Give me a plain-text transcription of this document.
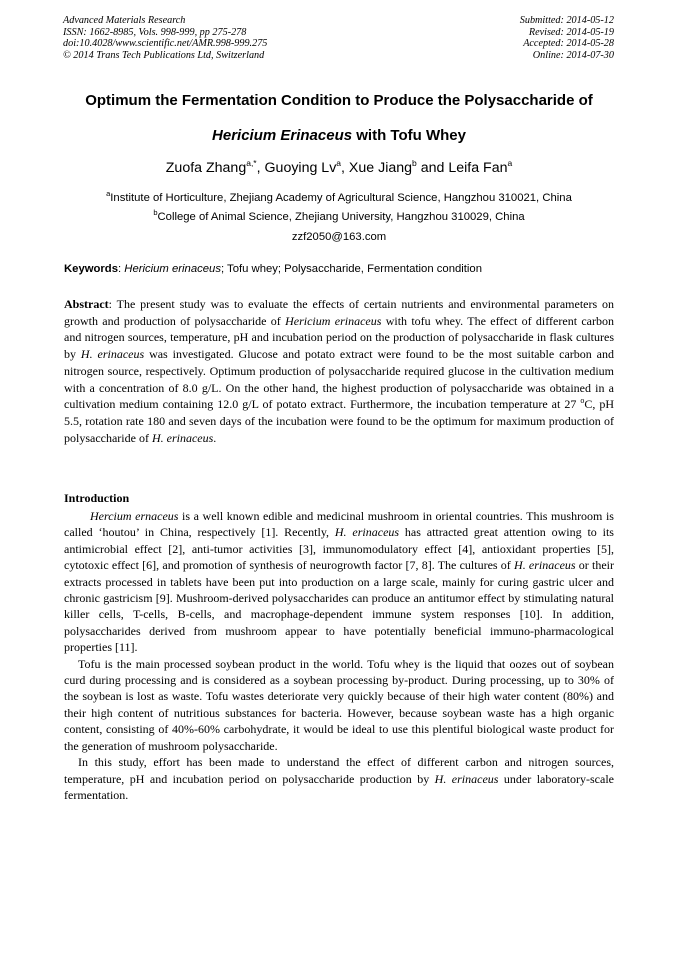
Advanced Materials Research
ISSN: 1662-8985, Vols. 998-999, pp 275-278
doi:10.4028/www.scientific.net/AMR.998-999.275
© 2014 Trans Tech Publications Ltd, Switzerland
Submitted: 2014-05-12
Revised: 2014-05-19
Accepted: 2014-05-28
Online: 2014-07-30
Optimum the Fermentation Condition to Produce the Polysaccharide of
Hericium Erinaceus with Tofu Whey
Zuofa Zhang$^{a,*}$, Guoying Lv$^a$, Xue Jiang$^b$ and Leifa Fan$^a$
$^a$Institute of Horticulture, Zhejiang Academy of Agricultural Science, Hangzhou 310021, China
$^b$College of Animal Science, Zhejiang University, Hangzhou 310029, China
zzf2050@163.com
Keywords: Hericium erinaceus; Tofu whey; Polysaccharide, Fermentation condition

Abstract: The present study was to evaluate the effects of certain nutrients and environmental parameters on growth and production of polysaccharide of Hericium erinaceus with tofu whey. The effect of different carbon and nitrogen sources, temperature, pH and incubation period on the production of polysaccharide in flask cultures by H. erinaceus was investigated. Glucose and potato extract were found to be the most suitable carbon and nitrogen source, respectively. Optimum production of polysaccharide required glucose in the cultivation medium with a concentration of 8.0 g/L. On the other hand, the highest production of polysaccharide was obtained in a cultivation medium containing 12.0 g/L of potato extract. Furthermore, the incubation temperature at 27 $^o$C, pH 5.5, rotation rate 180 and seven days of the incubation were found to be the optimum for maximum production of polysaccharide of H. erinaceus.

Introduction

Hercium ernaceus is a well known edible and medicinal mushroom in oriental countries. This mushroom is called ‘houtou’ in China, respectively [1]. Recently, H. erinaceus has attracted great attention owing to its antimicrobial effect [2], anti-tumor activities [3], immunomodulatory effect [4], antioxidant properties [5], cytotoxic effect [6], and promotion of synthesis of neurogrowth factor [7, 8]. The cultures of H. erinaceus or their extracts processed in tablets have been put into production on a large scale, mainly for curing gastric ulcer and chronic gastricism [9]. Mushroom-derived polysaccharides can produce an antitumor effect by stimulating natural killer cells, T-cells, B-cells, and macrophage-dependent immune system responses [10]. In addition, polysaccharides derived from mushroom appear to have potentially beneficial immuno-pharmacological properties [11].

Tofu is the main processed soybean product in the world. Tofu whey is the liquid that oozes out of soybean curd during processing and is considered as a soybean processing by-product. During processing, up to 30% of the soybean is lost as waste. Tofu wastes deteriorate very quickly because of their high water content (80%) and their high content of nutritious substances for bacteria. However, because soybean waste has a high organic content, consisting of 40%-60% carbohydrate, it would be ideal to use this plentiful biological waste product for the generation of mushroom polysaccharide.

In this study, effort has been made to understand the effect of different carbon and nitrogen sources, temperature, pH and incubation period on polysaccharide production by H. erinaceus under laboratory-scale fermentation.
